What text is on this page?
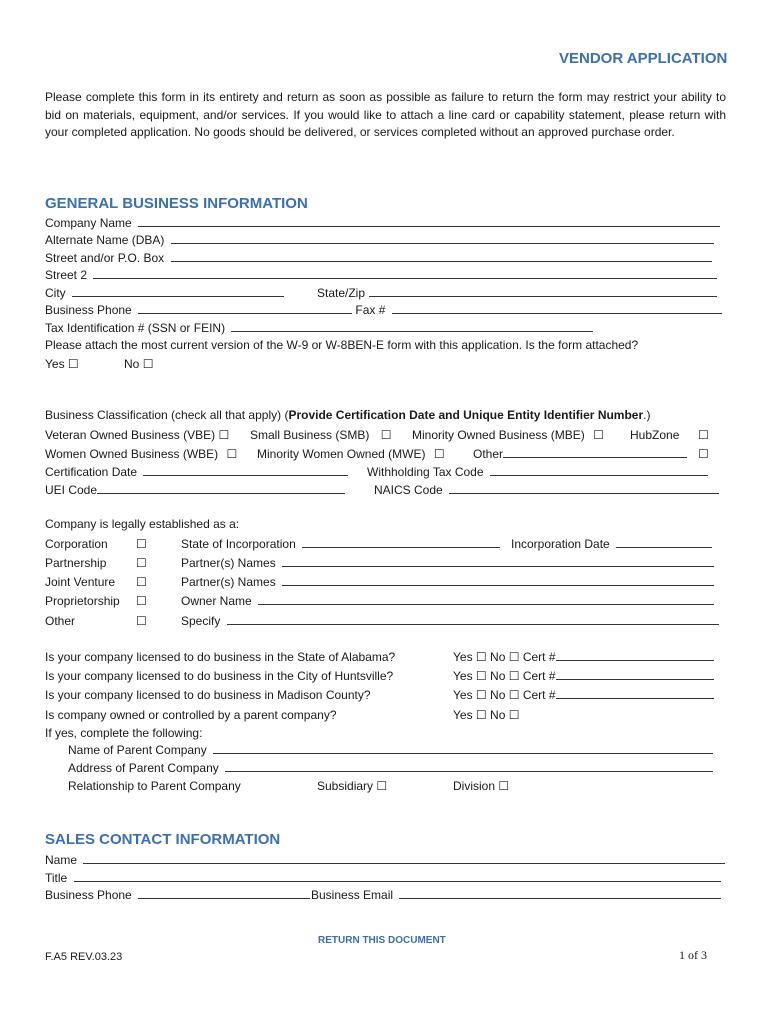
VENDOR APPLICATION
Please complete this form in its entirety and return as soon as possible as failure to return the form may restrict your ability to bid on materials, equipment, and/or services. If you would like to attach a line card or capability statement, please return with your completed application. No goods should be delivered, or services completed without an approved purchase order.
GENERAL BUSINESS INFORMATION
Company Name
Alternate Name (DBA)
Street and/or P.O. Box
Street 2
City	State/Zip
Business Phone	Fax #
Tax Identification # (SSN or FEIN)
Please attach the most current version of the W-9 or W-8BEN-E form with this application. Is the form attached?
Yes ☐	No ☐
Business Classification (check all that apply) (Provide Certification Date and Unique Entity Identifier Number.)
Veteran Owned Business (VBE) ☐ Small Business (SMB) ☐ Minority Owned Business (MBE) ☐ HubZone ☐
Women Owned Business (WBE) ☐ Minority Women Owned (MWE) ☐ Other	☐
Certification Date	Withholding Tax Code
UEI Code	NAICS Code
Company is legally established as a:
Corporation ☐	State of Incorporation	Incorporation Date
Partnership ☐	Partner(s) Names
Joint Venture ☐	Partner(s) Names
Proprietorship ☐	Owner Name
Other	☐	Specify
Is your company licensed to do business in the State of Alabama?	Yes ☐ No ☐ Cert #
Is your company licensed to do business in the City of Huntsville?	Yes ☐ No ☐ Cert #
Is your company licensed to do business in Madison County?	Yes ☐ No ☐ Cert #
Is company owned or controlled by a parent company?	Yes ☐ No ☐
If yes, complete the following:
Name of Parent Company
Address of Parent Company
Relationship to Parent Company	Subsidiary ☐	Division ☐
SALES CONTACT INFORMATION
Name
Title
Business Phone	Business Email
RETURN THIS DOCUMENT
F.A5 REV.03.23	1 of 3
